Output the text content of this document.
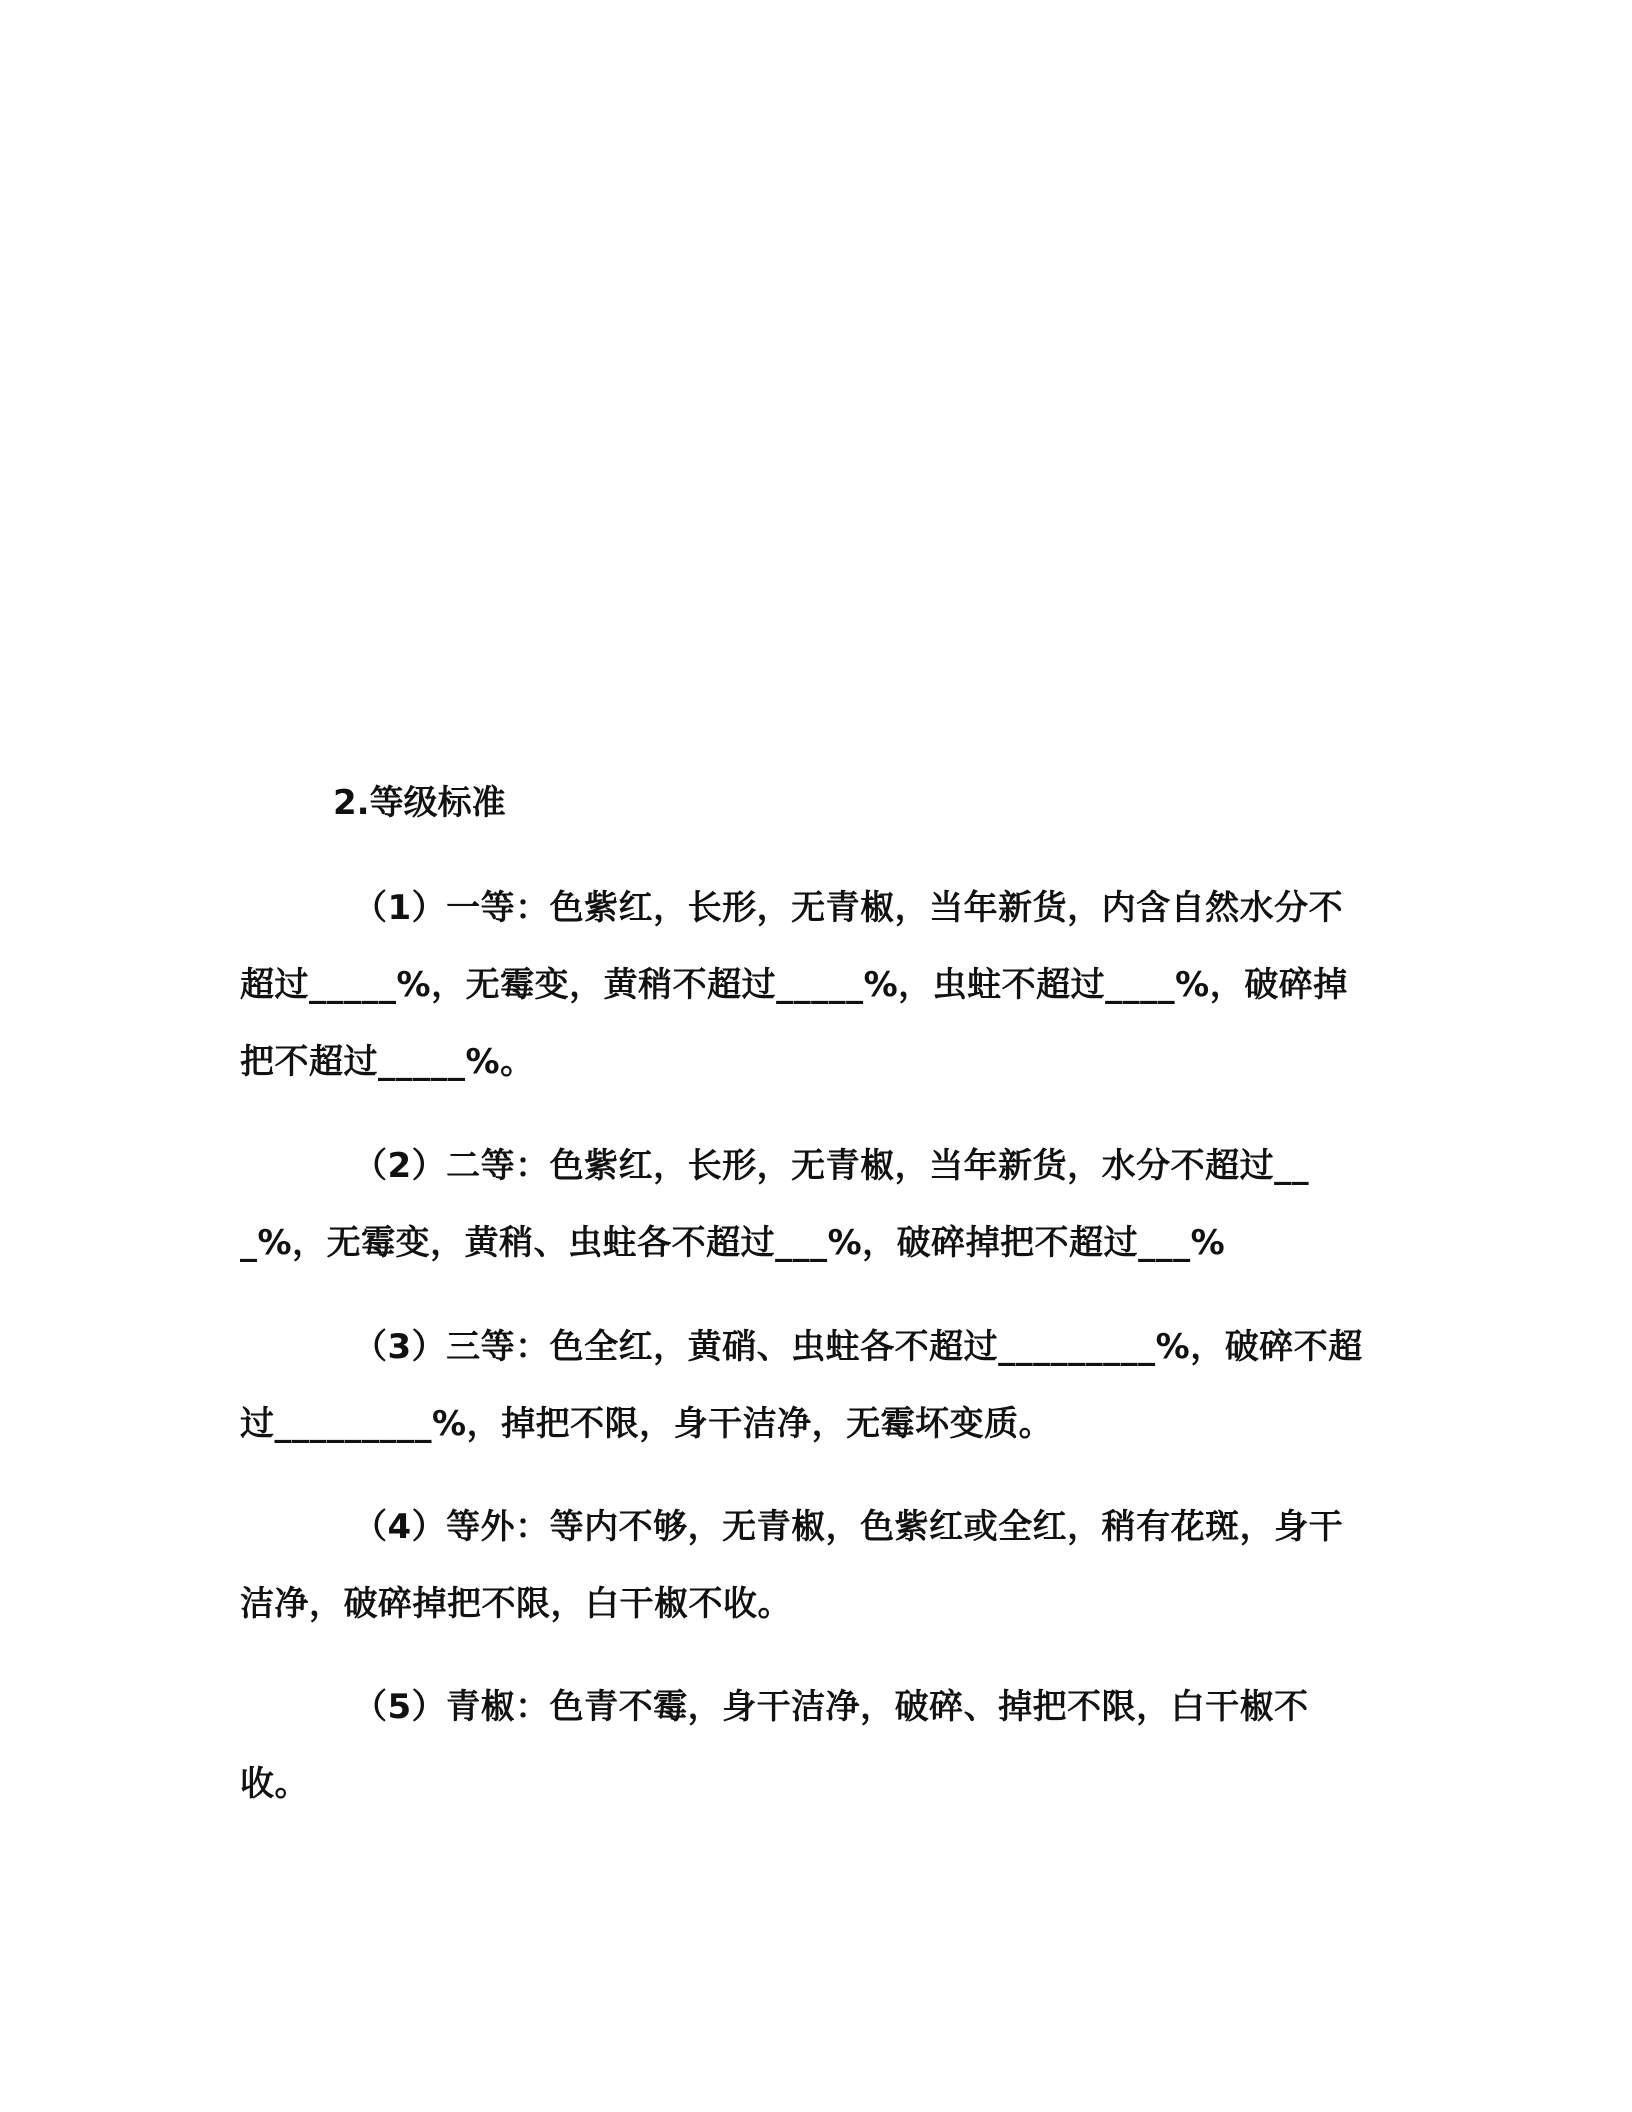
2.等级标准

（1）一等：色紫红，长形，无青椒，当年新货，内含自然水分不超过_____%，无霉变，黄稍不超过_____%，虫蛀不超过____%，破碎掉把不超过_____%。

（2）二等：色紫红，长形，无青椒，当年新货，水分不超过___%，无霉变，黄稍、虫蛀各不超过___%，破碎掉把不超过___%

（3）三等：色全红，黄硝、虫蛀各不超过_________%，破碎不超过_________%，掉把不限，身干洁净，无霉坏变质。

（4）等外：等内不够，无青椒，色紫红或全红，稍有花斑，身干洁净，破碎掉把不限，白干椒不收。

（5）青椒：色青不霉，身干洁净，破碎、掉把不限，白干椒不收。
